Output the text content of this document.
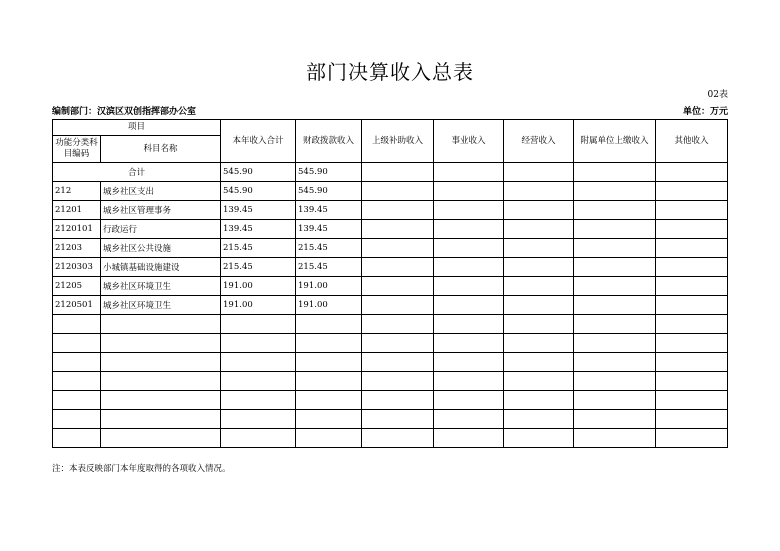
部门决算收入总表
02表
编制部门：汉滨区双创指挥部办公室	单位：万元
项目		本年收入合计	财政拨款收入	上级补助收入	事业收入	经营收入	附属单位上缴收入	其他收入
功能分类科目编码	科目名称							
合计		545.90	545.90					
212	城乡社区支出	545.90	545.90					
21201	城乡社区管理事务	139.45	139.45					
2120101	行政运行	139.45	139.45					
21203	城乡社区公共设施	215.45	215.45					
2120303	小城镇基础设施建设	215.45	215.45					
21205	城乡社区环境卫生	191.00	191.00					
2120501	城乡社区环境卫生	191.00	191.00					

注：本表反映部门本年度取得的各项收入情况。
